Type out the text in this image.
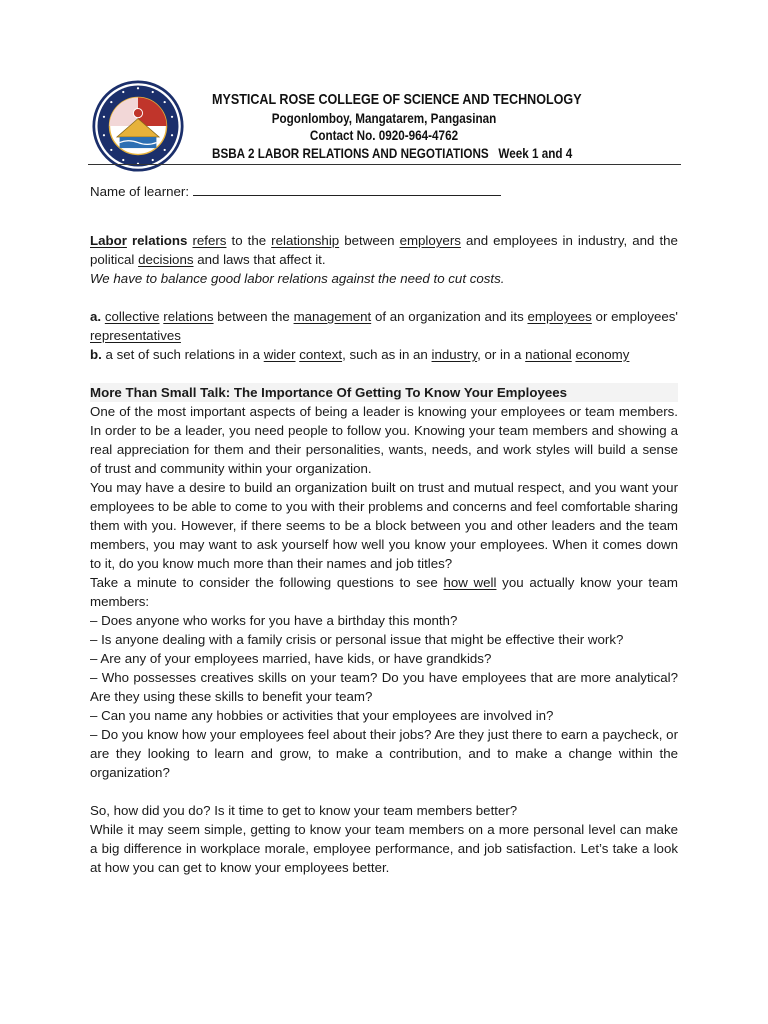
MYSTICAL ROSE COLLEGE OF SCIENCE AND TECHNOLOGY
Pogonlomboy, Mangatarem, Pangasinan
Contact No. 0920-964-4762
BSBA 2 LABOR RELATIONS AND NEGOTIATIONS   Week 1 and 4

Name of learner:

Labor relations refers to the relationship between employers and employees in industry, and the political decisions and laws that affect it.

We have to balance good labor relations against the need to cut costs.

a. collective relations between the management of an organization and its employees or employees' representatives

b. a set of such relations in a wider context, such as in an industry, or in a national economy

More Than Small Talk: The Importance Of Getting To Know Your Employees

One of the most important aspects of being a leader is knowing your employees or team members. In order to be a leader, you need people to follow you. Knowing your team members and showing a real appreciation for them and their personalities, wants, needs, and work styles will build a sense of trust and community within your organization.

You may have a desire to build an organization built on trust and mutual respect, and you want your employees to be able to come to you with their problems and concerns and feel comfortable sharing them with you. However, if there seems to be a block between you and other leaders and the team members, you may want to ask yourself how well you know your employees. When it comes down to it, do you know much more than their names and job titles?

Take a minute to consider the following questions to see how well you actually know your team members:

– Does anyone who works for you have a birthday this month?

– Is anyone dealing with a family crisis or personal issue that might be effective their work?

– Are any of your employees married, have kids, or have grandkids?

– Who possesses creatives skills on your team? Do you have employees that are more analytical? Are they using these skills to benefit your team?

– Can you name any hobbies or activities that your employees are involved in?

– Do you know how your employees feel about their jobs? Are they just there to earn a paycheck, or are they looking to learn and grow, to make a contribution, and to make a change within the organization?

So, how did you do? Is it time to get to know your team members better?

While it may seem simple, getting to know your team members on a more personal level can make a big difference in workplace morale, employee performance, and job satisfaction. Let’s take a look at how you can get to know your employees better.
